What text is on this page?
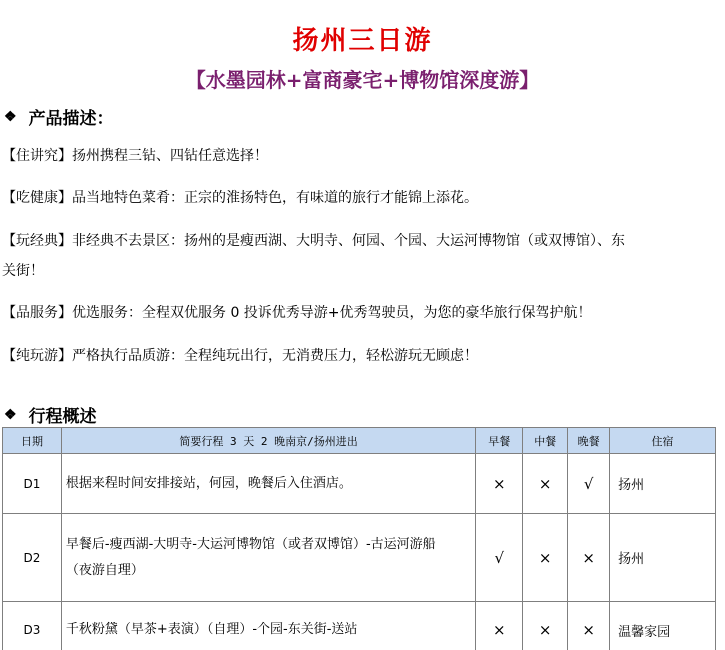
扬州三日游
【水墨园林+富商豪宅+博物馆深度游】
❖ 产品描述：
【住讲究】扬州携程三钻、四钻任意选择！
【吃健康】品当地特色菜肴：正宗的淮扬特色，有味道的旅行才能锦上添花。
【玩经典】非经典不去景区：扬州的是瘦西湖、大明寺、何园、个园、大运河博物馆（或双博馆）、东
关街！
【品服务】优选服务：全程双优服务 0 投诉优秀导游+优秀驾驶员，为您的豪华旅行保驾护航！
【纯玩游】严格执行品质游：全程纯玩出行，无消费压力，轻松游玩无顾虑！
❖ 行程概述
日期	简要行程 3 天 2 晚南京/扬州进出	早餐	中餐	晚餐	住宿
D1	根据来程时间安排接站，何园，晚餐后入住酒店。	×	×	√	扬州
D2	早餐后-瘦西湖-大明寺-大运河博物馆（或者双博馆）-古运河游船
（夜游自理）	√	×	×	扬州
D3	千秋粉黛（早茶+表演）（自理）-个园-东关街-送站	×	×	×	温馨家园
